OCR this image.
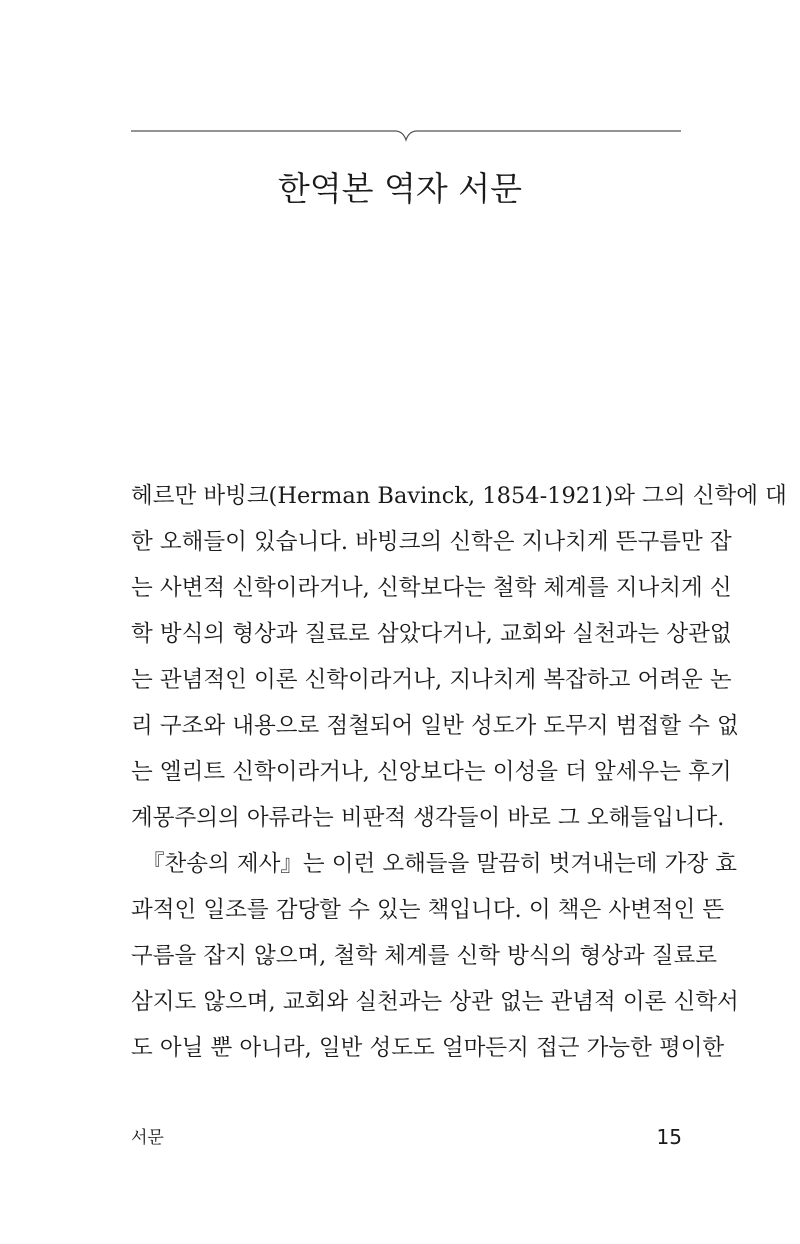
한역본 역자 서문
헤르만 바빙크(Herman Bavinck, 1854-1921)와 그의 신학에 대
한 오해들이 있습니다. 바빙크의 신학은 지나치게 뜬구름만 잡
는 사변적 신학이라거나, 신학보다는 철학 체계를 지나치게 신
학 방식의 형상과 질료로 삼았다거나, 교회와 실천과는 상관없
는 관념적인 이론 신학이라거나, 지나치게 복잡하고 어려운 논
리 구조와 내용으로 점철되어 일반 성도가 도무지 범접할 수 없
는 엘리트 신학이라거나, 신앙보다는 이성을 더 앞세우는 후기
계몽주의의 아류라는 비판적 생각들이 바로 그 오해들입니다.
『찬송의 제사』는 이런 오해들을 말끔히 벗겨내는데 가장 효
과적인 일조를 감당할 수 있는 책입니다. 이 책은 사변적인 뜬
구름을 잡지 않으며, 철학 체계를 신학 방식의 형상과 질료로
삼지도 않으며, 교회와 실천과는 상관 없는 관념적 이론 신학서
도 아닐 뿐 아니라, 일반 성도도 얼마든지 접근 가능한 평이한
서문	15
